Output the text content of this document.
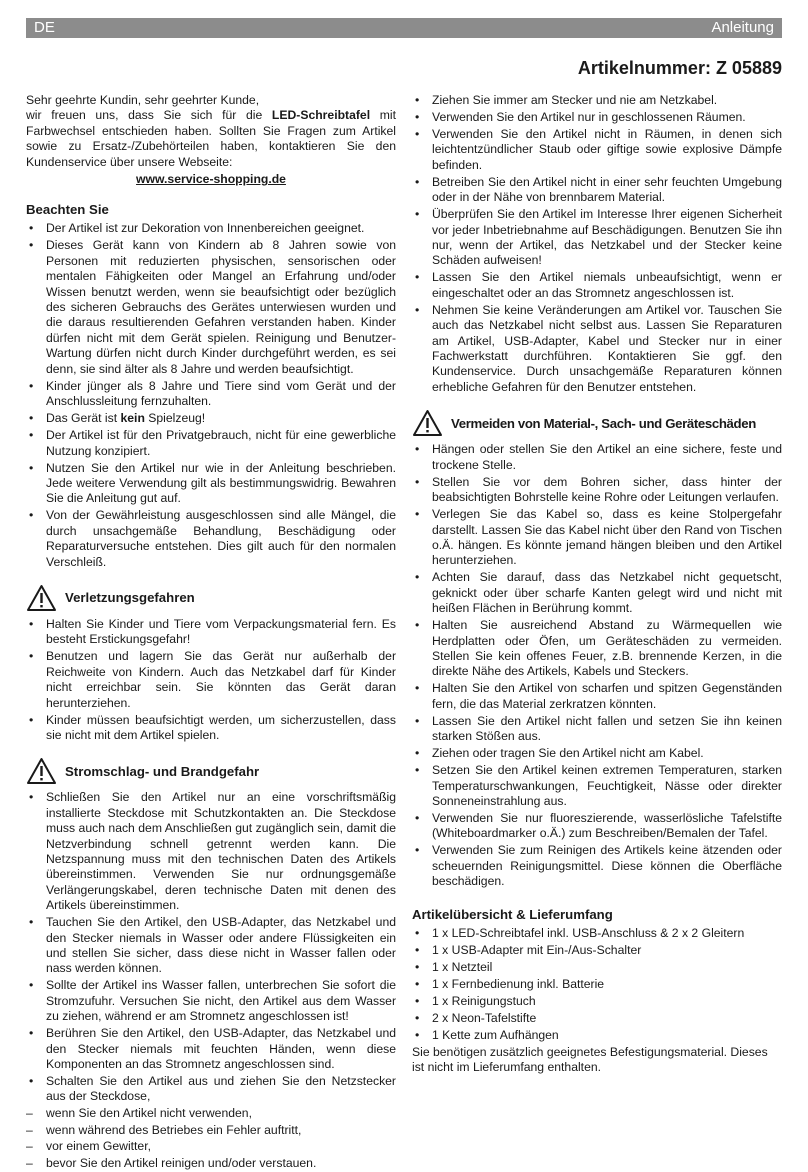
DE	Anleitung
Artikelnummer: Z 05889

Sehr geehrte Kundin, sehr geehrter Kunde,
wir freuen uns, dass Sie sich für die LED-Schreibtafel mit Farbwechsel entschieden haben. Sollten Sie Fragen zum Artikel sowie zu Ersatz-/Zubehörteilen haben, kontaktieren Sie den Kundenservice über unsere Webseite:

www.service-shopping.de

Beachten Sie
• Der Artikel ist zur Dekoration von Innenbereichen geeignet.
• Dieses Gerät kann von Kindern ab 8 Jahren sowie von Personen mit reduzierten physischen, sensorischen oder mentalen Fähigkeiten oder Mangel an Erfahrung und/oder Wissen benutzt werden, wenn sie beaufsichtigt oder bezüglich des sicheren Gebrauchs des Gerätes unterwiesen wurden und die daraus resultierenden Gefahren verstanden haben. Kinder dürfen nicht mit dem Gerät spielen. Reinigung und Benutzer-Wartung dürfen nicht durch Kinder durchgeführt werden, es sei denn, sie sind älter als 8 Jahre und werden beaufsichtigt.
• Kinder jünger als 8 Jahre und Tiere sind vom Gerät und der Anschlussleitung fernzuhalten.
• Das Gerät ist kein Spielzeug!
• Der Artikel ist für den Privatgebrauch, nicht für eine gewerbliche Nutzung konzipiert.
• Nutzen Sie den Artikel nur wie in der Anleitung beschrieben. Jede weitere Verwendung gilt als bestimmungswidrig. Bewahren Sie die Anleitung gut auf.
• Von der Gewährleistung ausgeschlossen sind alle Mängel, die durch unsachgemäße Behandlung, Beschädigung oder Reparaturversuche entstehen. Dies gilt auch für den normalen Verschleiß.
Verletzungsgefahren
• Halten Sie Kinder und Tiere vom Verpackungsmaterial fern. Es besteht Erstickungsgefahr!
• Benutzen und lagern Sie das Gerät nur außerhalb der Reichweite von Kindern. Auch das Netzkabel darf für Kinder nicht erreichbar sein. Sie könnten das Gerät daran herunterziehen.
• Kinder müssen beaufsichtigt werden, um sicherzustellen, dass sie nicht mit dem Artikel spielen.
Stromschlag- und Brandgefahr
• Schließen Sie den Artikel nur an eine vorschriftsmäßig installierte Steckdose mit Schutzkontakten an. Die Steckdose muss auch nach dem Anschließen gut zugänglich sein, damit die Netzverbindung schnell getrennt werden kann. Die Netzspannung muss mit den technischen Daten des Artikels übereinstimmen. Verwenden Sie nur ordnungsgemäße Verlängerungskabel, deren technische Daten mit denen des Artikels übereinstimmen.
• Tauchen Sie den Artikel, den USB-Adapter, das Netzkabel und den Stecker niemals in Wasser oder andere Flüssigkeiten ein und stellen Sie sicher, dass diese nicht in Wasser fallen oder nass werden können.
• Sollte der Artikel ins Wasser fallen, unterbrechen Sie sofort die Stromzufuhr. Versuchen Sie nicht, den Artikel aus dem Wasser zu ziehen, während er am Stromnetz angeschlossen ist!
• Berühren Sie den Artikel, den USB-Adapter, das Netzkabel und den Stecker niemals mit feuchten Händen, wenn diese Komponenten an das Stromnetz angeschlossen sind.
• Schalten Sie den Artikel aus und ziehen Sie den Netzstecker aus der Steckdose,
– wenn Sie den Artikel nicht verwenden,
– wenn während des Betriebes ein Fehler auftritt,
– vor einem Gewitter,
– bevor Sie den Artikel reinigen und/oder verstauen.
• Ziehen Sie immer am Stecker und nie am Netzkabel.
• Verwenden Sie den Artikel nur in geschlossenen Räumen.
• Verwenden Sie den Artikel nicht in Räumen, in denen sich leichtentzündlicher Staub oder giftige sowie explosive Dämpfe befinden.
• Betreiben Sie den Artikel nicht in einer sehr feuchten Umgebung oder in der Nähe von brennbarem Material.
• Überprüfen Sie den Artikel im Interesse Ihrer eigenen Sicherheit vor jeder Inbetriebnahme auf Beschädigungen. Benutzen Sie ihn nur, wenn der Artikel, das Netzkabel und der Stecker keine Schäden aufweisen!
• Lassen Sie den Artikel niemals unbeaufsichtigt, wenn er eingeschaltet oder an das Stromnetz angeschlossen ist.
• Nehmen Sie keine Veränderungen am Artikel vor. Tauschen Sie auch das Netzkabel nicht selbst aus. Lassen Sie Reparaturen am Artikel, USB-Adapter, Kabel und Stecker nur in einer Fachwerkstatt durchführen. Kontaktieren Sie ggf. den Kundenservice. Durch unsachgemäße Reparaturen können erhebliche Gefahren für den Benutzer entstehen.
Vermeiden von Material-, Sach- und Geräteschäden
• Hängen oder stellen Sie den Artikel an eine sichere, feste und trockene Stelle.
• Stellen Sie vor dem Bohren sicher, dass hinter der beabsichtigten Bohrstelle keine Rohre oder Leitungen verlaufen.
• Verlegen Sie das Kabel so, dass es keine Stolpergefahr darstellt. Lassen Sie das Kabel nicht über den Rand von Tischen o.Ä. hängen. Es könnte jemand hängen bleiben und den Artikel herunterziehen.
• Achten Sie darauf, dass das Netzkabel nicht gequetscht, geknickt oder über scharfe Kanten gelegt wird und nicht mit heißen Flächen in Berührung kommt.
• Halten Sie ausreichend Abstand zu Wärmequellen wie Herdplatten oder Öfen, um Geräteschäden zu vermeiden. Stellen Sie kein offenes Feuer, z.B. brennende Kerzen, in die direkte Nähe des Artikels, Kabels und Steckers.
• Halten Sie den Artikel von scharfen und spitzen Gegenständen fern, die das Material zerkratzen könnten.
• Lassen Sie den Artikel nicht fallen und setzen Sie ihn keinen starken Stößen aus.
• Ziehen oder tragen Sie den Artikel nicht am Kabel.
• Setzen Sie den Artikel keinen extremen Temperaturen, starken Temperaturschwankungen, Feuchtigkeit, Nässe oder direkter Sonneneinstrahlung aus.
• Verwenden Sie nur fluoreszierende, wasserlösliche Tafelstifte (Whiteboardmarker o.Ä.) zum Beschreiben/Bemalen der Tafel.
• Verwenden Sie zum Reinigen des Artikels keine ätzenden oder scheuernden Reinigungsmittel. Diese können die Oberfläche beschädigen.
Artikelübersicht & Lieferumfang
• 1 x LED-Schreibtafel inkl. USB-Anschluss & 2 x 2 Gleitern
• 1 x USB-Adapter mit Ein-/Aus-Schalter
• 1 x Netzteil
• 1 x Fernbedienung inkl. Batterie
• 1 x Reinigungstuch
• 2 x Neon-Tafelstifte
• 1 Kette zum Aufhängen

Sie benötigen zusätzlich geeignetes Befestigungsmaterial. Dieses ist nicht im Lieferumfang enthalten.
